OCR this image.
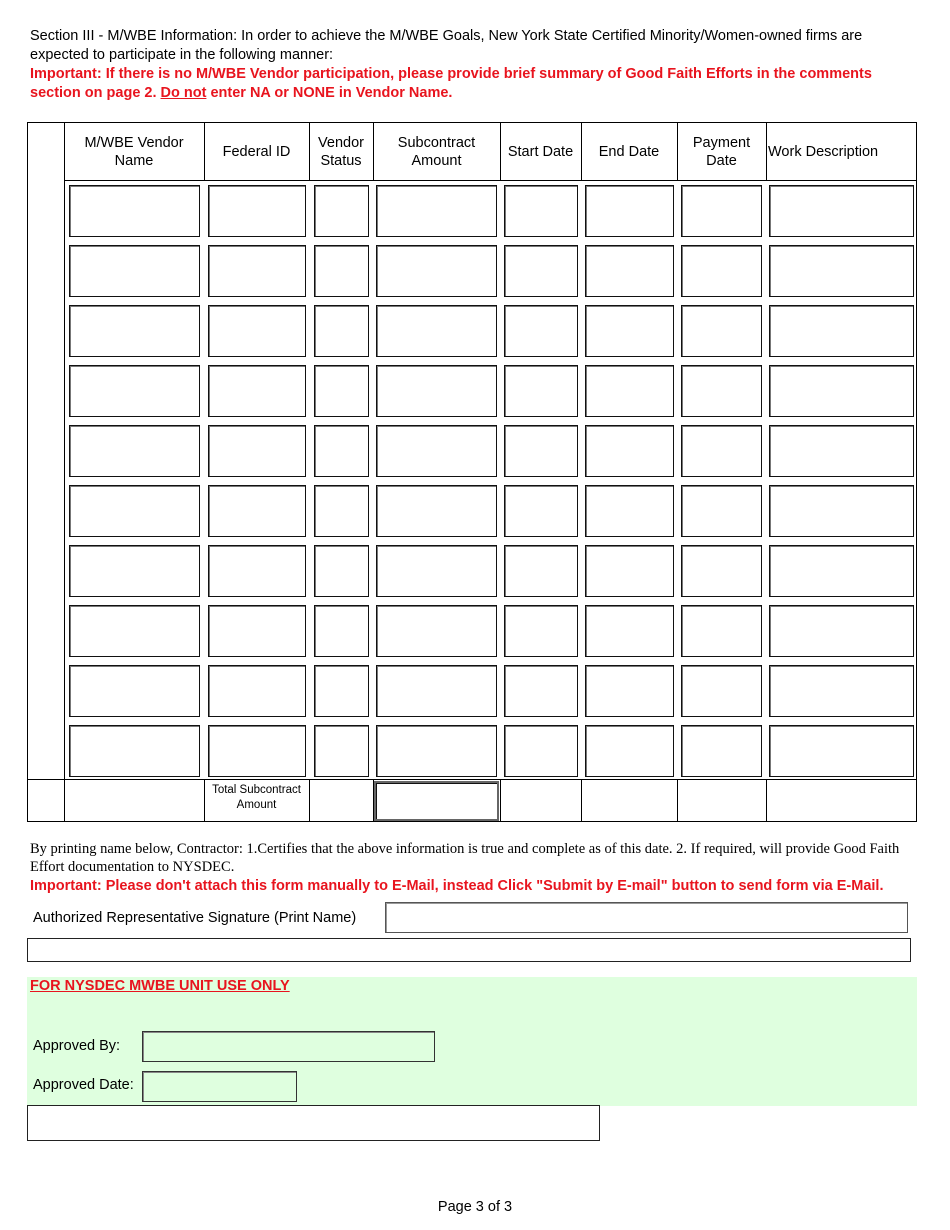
Section III - M/WBE Information: In order to achieve the M/WBE Goals, New York State Certified Minority/Women-owned firms are expected to participate in the following manner:
Important: If there is no M/WBE Vendor participation, please provide brief summary of Good Faith Efforts in the comments section on page 2. Do not enter NA or NONE in Vendor Name.
M/WBE Vendor Name
Federal ID
Vendor Status
Subcontract Amount
Start Date	End Date
Payment Date
Work Description
Total Subcontract Amount
By printing name below, Contractor: 1.Certifies that the above information is true and complete as of this date. 2. If required, will provide Good Faith Effort documentation to NYSDEC.
Important: Please don't attach this form manually to E-Mail, instead Click "Submit by E-mail" button to send form via E-Mail.
Authorized Representative Signature (Print Name)
FOR NYSDEC MWBE UNIT USE ONLY
Approved By:
Approved Date:
Page 3 of 3
